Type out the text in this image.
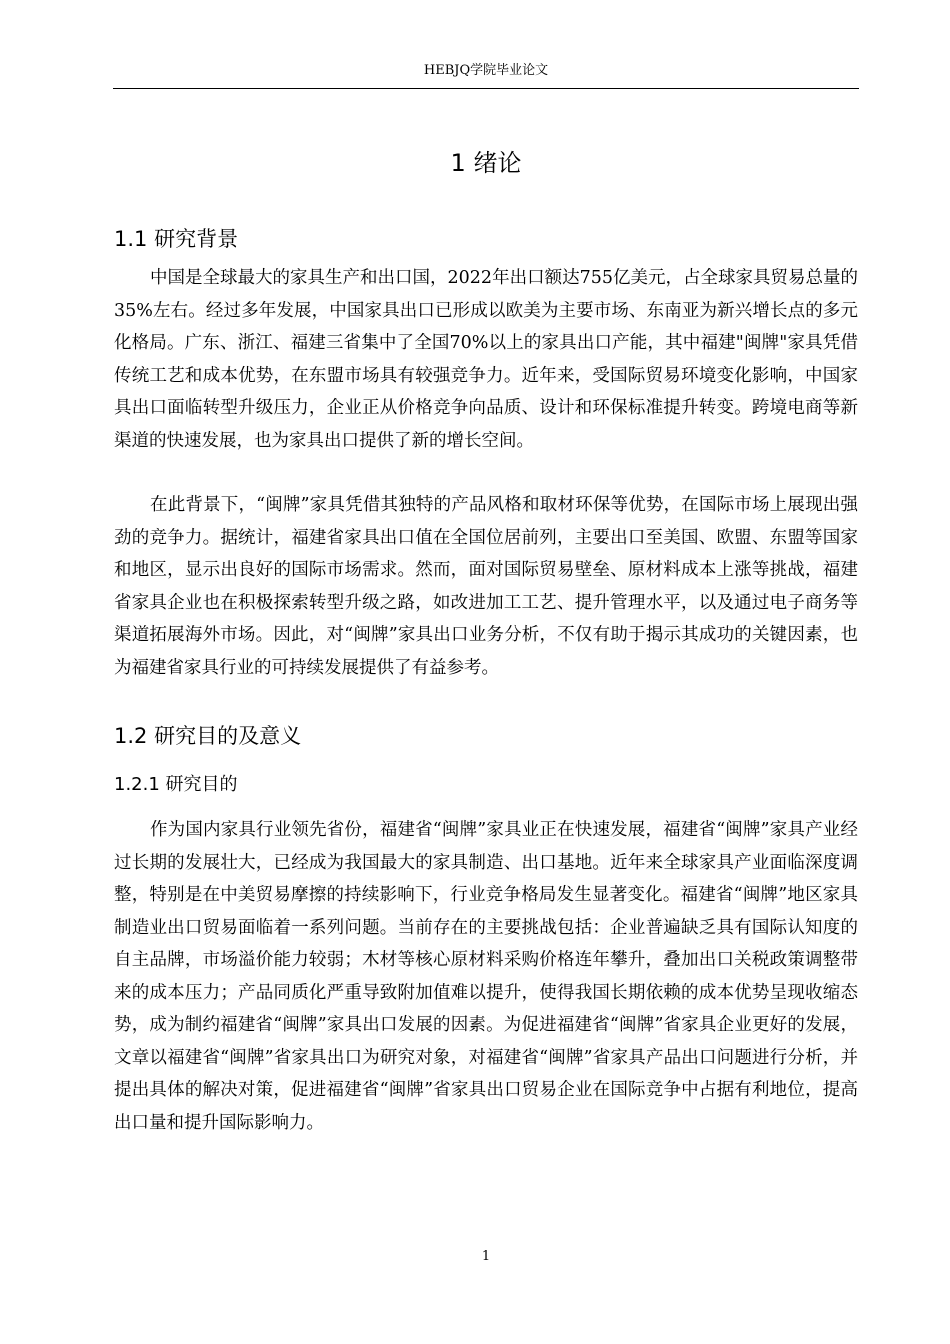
HEBJQ学院毕业论文
1 绪论
1.1 研究背景

中国是全球最大的家具生产和出口国，2022年出口额达755亿美元，占全球家具贸易总量的35%左右。经过多年发展，中国家具出口已形成以欧美为主要市场、东南亚为新兴增长点的多元化格局。广东、浙江、福建三省集中了全国70%以上的家具出口产能，其中福建"闽牌"家具凭借传统工艺和成本优势，在东盟市场具有较强竞争力。近年来，受国际贸易环境变化影响，中国家具出口面临转型升级压力，企业正从价格竞争向品质、设计和环保标准提升转变。跨境电商等新渠道的快速发展，也为家具出口提供了新的增长空间。

在此背景下，“闽牌”家具凭借其独特的产品风格和取材环保等优势，在国际市场上展现出强劲的竞争力。据统计，福建省家具出口值在全国位居前列，主要出口至美国、欧盟、东盟等国家和地区，显示出良好的国际市场需求。然而，面对国际贸易壁垒、原材料成本上涨等挑战，福建省家具企业也在积极探索转型升级之路，如改进加工工艺、提升管理水平，以及通过电子商务等渠道拓展海外市场。因此，对“闽牌”家具出口业务分析，不仅有助于揭示其成功的关键因素，也为福建省家具行业的可持续发展提供了有益参考。

1.2 研究目的及意义
1.2.1 研究目的

作为国内家具行业领先省份，福建省“闽牌”家具业正在快速发展，福建省“闽牌”家具产业经过长期的发展壮大，已经成为我国最大的家具制造、出口基地。近年来全球家具产业面临深度调整，特别是在中美贸易摩擦的持续影响下，行业竞争格局发生显著变化。福建省“闽牌”地区家具制造业出口贸易面临着一系列问题。当前存在的主要挑战包括：企业普遍缺乏具有国际认知度的自主品牌，市场溢价能力较弱；木材等核心原材料采购价格连年攀升，叠加出口关税政策调整带来的成本压力；产品同质化严重导致附加值难以提升，使得我国长期依赖的成本优势呈现收缩态势，成为制约福建省“闽牌”家具出口发展的因素。为促进福建省“闽牌”省家具企业更好的发展，文章以福建省“闽牌”省家具出口为研究对象，对福建省“闽牌”省家具产品出口问题进行分析，并提出具体的解决对策，促进福建省“闽牌”省家具出口贸易企业在国际竞争中占据有利地位，提高出口量和提升国际影响力。

1
